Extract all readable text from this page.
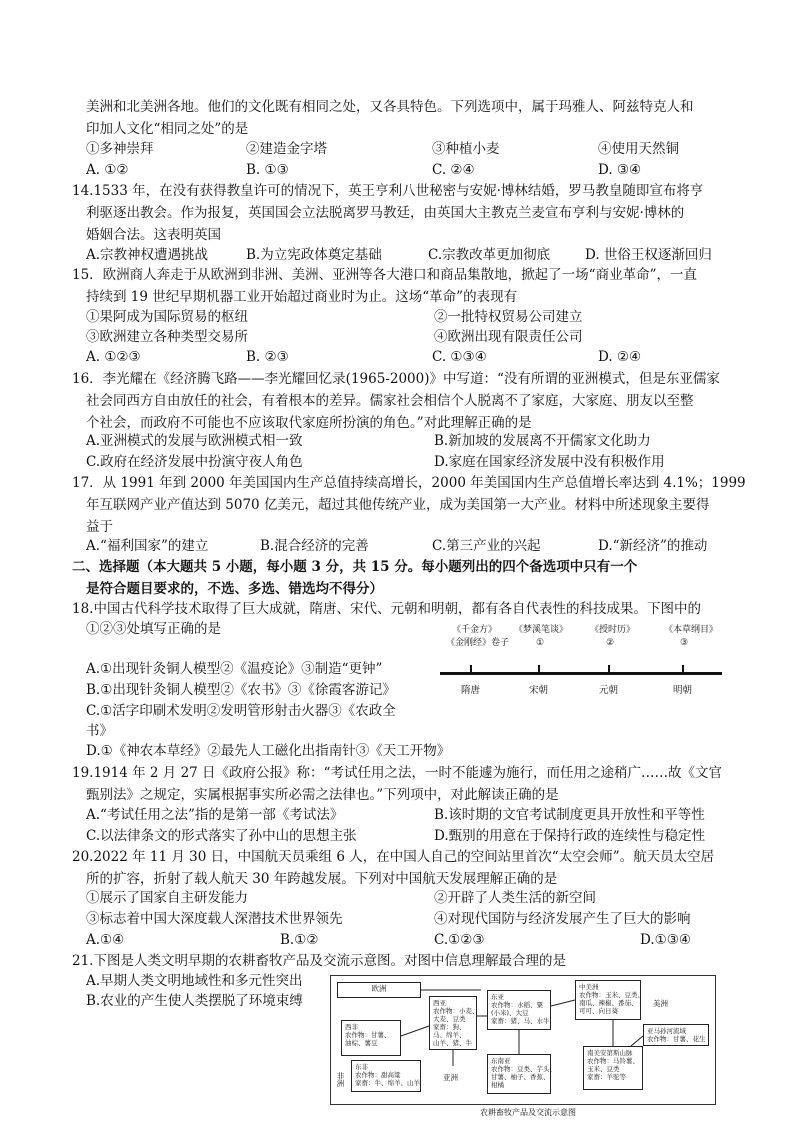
美洲和北美洲各地。他们的文化既有相同之处，又各具特色。下列选项中，属于玛雅人、阿兹特克人和
印加人文化“相同之处”的是
①多神崇拜	②建造金字塔	③种植小麦	④使用天然铜
A. ①②	B. ①③	C. ②④	D. ③④
14.1533 年，在没有获得教皇许可的情况下，英王亨利八世秘密与安妮·博林结婚，罗马教皇随即宣布将亨
利驱逐出教会。作为报复，英国国会立法脱离罗马教廷，由英国大主教克兰麦宣布亨利与安妮·博林的
婚姻合法。这表明英国
A.宗教神权遭遇挑战	B.为立宪政体奠定基础	C.宗教改革更加彻底	D. 世俗王权逐渐回归
15．欧洲商人奔走于从欧洲到非洲、美洲、亚洲等各大港口和商品集散地，掀起了一场“商业革命”，一直
持续到 19 世纪早期机器工业开始超过商业时为止。这场“革命”的表现有
①果阿成为国际贸易的枢纽	②一批特权贸易公司建立
③欧洲建立各种类型交易所	④欧洲出现有限责任公司
A. ①②③	B. ②③	C. ①③④	D. ②④
16．李光耀在《经济腾飞路——李光耀回忆录(1965-2000)》中写道：“没有所谓的亚洲模式，但是东亚儒家
社会同西方自由放任的社会，有着根本的差异。儒家社会相信个人脱离不了家庭，大家庭、朋友以至整
个社会，而政府不可能也不应该取代家庭所扮演的角色。”对此理解正确的是
A.亚洲模式的发展与欧洲模式相一致	B.新加坡的发展离不开儒家文化助力
C.政府在经济发展中扮演守夜人角色	D.家庭在国家经济发展中没有积极作用
17．从 1991 年到 2000 年美国国内生产总值持续高增长，2000 年美国国内生产总值增长率达到 4.1%；1999
年互联网产业产值达到 5070 亿美元，超过其他传统产业，成为美国第一大产业。材料中所述现象主要得
益于
A.“福利国家”的建立	B.混合经济的完善	C.第三产业的兴起	D.“新经济”的推动
二、选择题（本大题共 5 小题，每小题 3 分，共 15 分。每小题列出的四个备选项中只有一个
是符合题目要求的，不选、多选、错选均不得分）
18.中国古代科学技术取得了巨大成就，隋唐、宋代、元朝和明朝，都有各自代表性的科技成果。下图中的
①②③处填写正确的是
A.①出现针灸铜人模型②《温疫论》③制造“更钟”
B.①出现针灸铜人模型②《农书》③《徐霞客游记》
C.①活字印刷术发明②发明管形射击火器③《农政全
书》
D.①《神农本草经》②最先人工磁化出指南针③《天工开物》
《千金方》
《金刚经》卷子
《梦溪笔谈》
①
《授时历》
②
《本草纲目》
③
隋唐	宋朝	元朝	明朝
19.1914 年 2 月 27 日《政府公报》称：“考试任用之法，一时不能遽为施行，而任用之途稍广……故《文官
甄别法》之规定，实属根据事实所必需之法律也。”下列项中，对此解读正确的是
A.“考试任用之法”指的是第一部《考试法》	B.该时期的文官考试制度更具开放性和平等性
C.以法律条文的形式落实了孙中山的思想主张	D.甄别的用意在于保持行政的连续性与稳定性
20.2022 年 11 月 30 日，中国航天员乘组 6 人，在中国人自己的空间站里首次“太空会师”。航天员太空居
所的扩容，折射了载人航天 30 年跨越发展。下列对中国航天发展理解正确的是
①展示了国家自主研发能力	②开辟了人类生活的新空间
③标志着中国大深度载人深潜技术世界领先	④对现代国防与经济发展产生了巨大的影响
A.①④	B.①②	C.①②③	D.①③④
21.下图是人类文明早期的农耕畜牧产品及交流示意图。对图中信息理解最合理的是
A.早期人类文明地域性和多元性突出
B.农业的产生使人类摆脱了环境束缚
欧洲
西非
农作物：甘薯、
油棕、薯豆
非洲
东非
农作物：甜高粱
家畜：牛、绵羊、山羊
西亚
农作物：小麦、
大麦、豆类
家畜：狗、
马、绵羊、
山羊、猪、牛
亚洲
东亚
农作物：水稻、粟
(小米)、大豆
家畜：猪、马、水牛
东南亚
农作物：豆类、芋头、
甘薯、柚子、香蕉、
柑橘
中美洲
农作物：玉米、豆类、
南瓜、辣椒、番茄、
可可、向日葵
美洲
亚马孙河流域
农作物：甘薯、花生
南美安第斯山脉
农作物：马铃薯、
玉米、豆类
家畜：羊驼等
农耕畜牧产品及交流示意图
